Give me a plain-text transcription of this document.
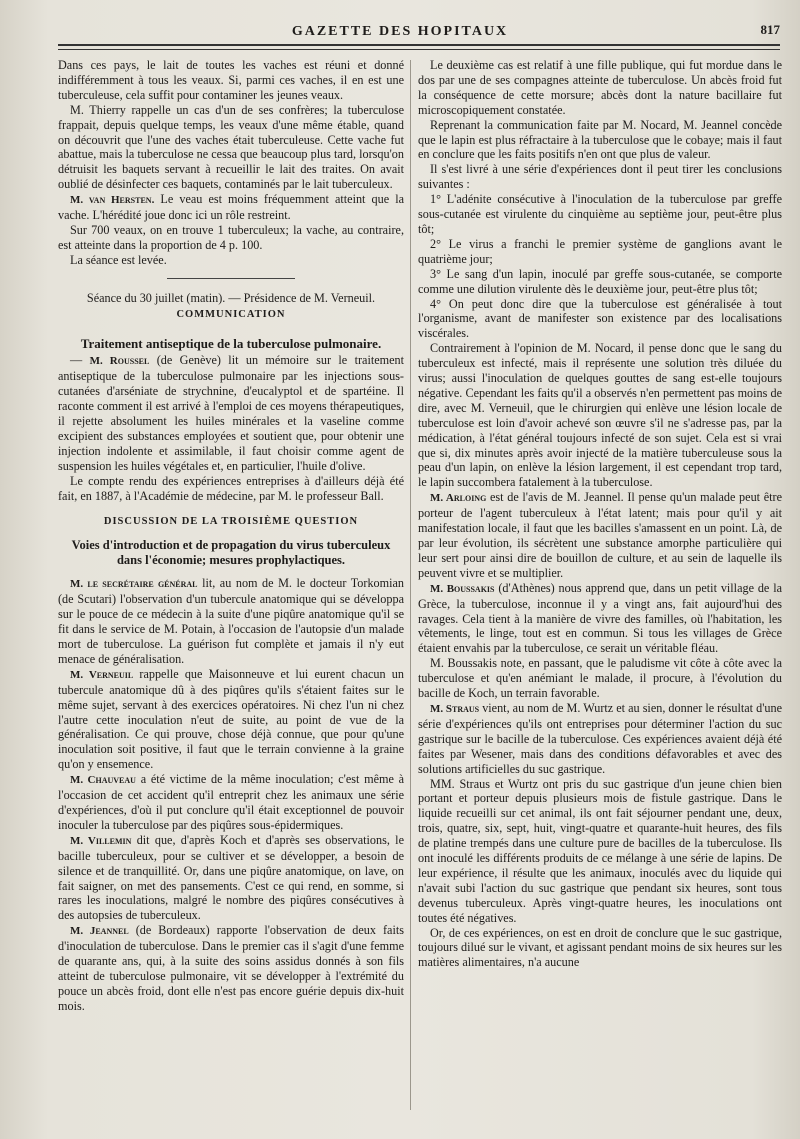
GAZETTE DES HOPITAUX	817

Dans ces pays, le lait de toutes les vaches est réuni et donné indifféremment à tous les veaux. Si, parmi ces vaches, il en est une tuberculeuse, cela suffit pour contaminer les jeunes veaux.

M. Thierry rappelle un cas d'un de ses confrères; la tuberculose frappait, depuis quelque temps, les veaux d'une même étable, quand on découvrit que l'une des vaches était tuberculeuse. Cette vache fut abattue, mais la tuberculose ne cessa que beaucoup plus tard, lorsqu'on détruisit les baquets servant à recueillir le lait des traites. On avait oublié de désinfecter ces baquets, contaminés par le lait tuberculeux.

M. van Hersten. Le veau est moins fréquemment atteint que la vache. L'hérédité joue donc ici un rôle restreint.

Sur 700 veaux, on en trouve 1 tuberculeux; la vache, au contraire, est atteinte dans la proportion de 4 p. 100.

La séance est levée.

Séance du 30 juillet (matin). — Présidence de M. Verneuil.

COMMUNICATION

Traitement antiseptique de la tuberculose pulmonaire.

— M. Roussel (de Genève) lit un mémoire sur le traitement antiseptique de la tuberculose pulmonaire par les injections sous-cutanées d'arséniate de strychnine, d'eucalyptol et de spartéine. Il raconte comment il est arrivé à l'emploi de ces moyens thérapeutiques, il rejette absolument les huiles minérales et la vaseline comme excipient des substances employées et soutient que, pour obtenir une injection indolente et assimilable, il faut choisir comme agent de suspension les huiles végétales et, en particulier, l'huile d'olive.

Le compte rendu des expériences entreprises à d'ailleurs déjà été fait, en 1887, à l'Académie de médecine, par M. le professeur Ball.

DISCUSSION DE LA TROISIÈME QUESTION

Voies d'introduction et de propagation du virus tuberculeux dans l'économie; mesures prophylactiques.

M. le secrétaire général lit, au nom de M. le docteur Torkomian (de Scutari) l'observation d'un tubercule anatomique qui se développa sur le pouce de ce médecin à la suite d'une piqûre anatomique qu'il se fit dans le service de M. Potain, à l'occasion de l'autopsie d'un malade mort de tuberculose. La guérison fut complète et jamais il n'y eut menace de généralisation.

M. Verneuil rappelle que Maisonneuve et lui eurent chacun un tubercule anatomique dû à des piqûres qu'ils s'étaient faites sur le même sujet, servant à des exercices opératoires. Ni chez l'un ni chez l'autre cette inoculation n'eut de suite, au point de vue de la généralisation. Ce qui prouve, chose déjà connue, que pour qu'une inoculation soit positive, il faut que le terrain convienne à la graine qu'on y ensemence.

M. Chauveau a été victime de la même inoculation; c'est même à l'occasion de cet accident qu'il entreprit chez les animaux une série d'expériences, d'où il put conclure qu'il était exceptionnel de pouvoir inoculer la tuberculose par des piqûres sous-épidermiques.

M. Villemin dit que, d'après Koch et d'après ses observations, le bacille tuberculeux, pour se cultiver et se développer, a besoin de silence et de tranquillité. Or, dans une piqûre anatomique, on lave, on fait saigner, on met des pansements. C'est ce qui rend, en somme, si rares les inoculations, malgré le nombre des piqûres consécutives à des autopsies de tuberculeux.

M. Jeannel (de Bordeaux) rapporte l'observation de deux faits d'inoculation de tuberculose. Dans le premier cas il s'agit d'une femme de quarante ans, qui, à la suite des soins assidus donnés à son fils atteint de tuberculose pulmonaire, vit se développer à l'extrémité du pouce un abcès froid, dont elle n'est pas encore guérie depuis dix-huit mois.

Le deuxième cas est relatif à une fille publique, qui fut mordue dans le dos par une de ses compagnes atteinte de tuberculose. Un abcès froid fut la conséquence de cette morsure; abcès dont la nature bacillaire fut microscopiquement constatée.

Reprenant la communication faite par M. Nocard, M. Jeannel concède que le lapin est plus réfractaire à la tuberculose que le cobaye; mais il faut en conclure que les faits positifs n'en ont que plus de valeur.

Il s'est livré à une série d'expériences dont il peut tirer les conclusions suivantes :

1° L'adénite consécutive à l'inoculation de la tuberculose par greffe sous-cutanée est virulente du cinquième au septième jour, peut-être plus tôt;

2° Le virus a franchi le premier système de ganglions avant le quatrième jour;

3° Le sang d'un lapin, inoculé par greffe sous-cutanée, se comporte comme une dilution virulente dès le deuxième jour, peut-être plus tôt;

4° On peut donc dire que la tuberculose est généralisée à tout l'organisme, avant de manifester son existence par des localisations viscérales.

Contrairement à l'opinion de M. Nocard, il pense donc que le sang du tuberculeux est infecté, mais il représente une solution très diluée du virus; aussi l'inoculation de quelques gouttes de sang est-elle toujours négative. Cependant les faits qu'il a observés n'en permettent pas moins de dire, avec M. Verneuil, que le chirurgien qui enlève une lésion locale de tuberculose est loin d'avoir achevé son œuvre s'il ne s'adresse pas, par la médication, à l'état général toujours infecté de son sujet. Cela est si vrai que si, dix minutes après avoir injecté de la matière tuberculeuse sous la peau d'un lapin, on enlève la lésion largement, il est cependant trop tard, le lapin succombera fatalement à la tuberculose.

M. Arloing est de l'avis de M. Jeannel. Il pense qu'un malade peut être porteur de l'agent tuberculeux à l'état latent; mais pour qu'il y ait manifestation locale, il faut que les bacilles s'amassent en un point. Là, de par leur évolution, ils sécrètent une substance amorphe particulière qui leur sert pour ainsi dire de bouillon de culture, et au sein de laquelle ils peuvent vivre et se multiplier.

M. Boussakis (d'Athènes) nous apprend que, dans un petit village de la Grèce, la tuberculose, inconnue il y a vingt ans, fait aujourd'hui des ravages. Cela tient à la manière de vivre des familles, où l'habitation, les vêtements, le linge, tout est en commun. Si tous les villages de Grèce étaient envahis par la tuberculose, ce serait un véritable fléau.

M. Boussakis note, en passant, que le paludisme vit côte à côte avec la tuberculose et qu'en anémiant le malade, il procure, à l'évolution du bacille de Koch, un terrain favorable.

M. Straus vient, au nom de M. Wurtz et au sien, donner le résultat d'une série d'expériences qu'ils ont entreprises pour déterminer l'action du suc gastrique sur le bacille de la tuberculose. Ces expériences avaient déjà été faites par Wesener, mais dans des conditions défavorables et avec des solutions artificielles du suc gastrique.

MM. Straus et Wurtz ont pris du suc gastrique d'un jeune chien bien portant et porteur depuis plusieurs mois de fistule gastrique. Dans le liquide recueilli sur cet animal, ils ont fait séjourner pendant une, deux, trois, quatre, six, sept, huit, vingt-quatre et quarante-huit heures, des fils de platine trempés dans une culture pure de bacilles de la tuberculose. Ils ont inoculé les différents produits de ce mélange à une série de lapins. De leur expérience, il résulte que les animaux, inoculés avec du liquide qui n'avait subi l'action du suc gastrique que pendant six heures, sont tous devenus tuberculeux. Après vingt-quatre heures, les inoculations ont toutes été négatives.

Or, de ces expériences, on est en droit de conclure que le suc gastrique, toujours dilué sur le vivant, et agissant pendant moins de six heures sur les matières alimentaires, n'a aucune
